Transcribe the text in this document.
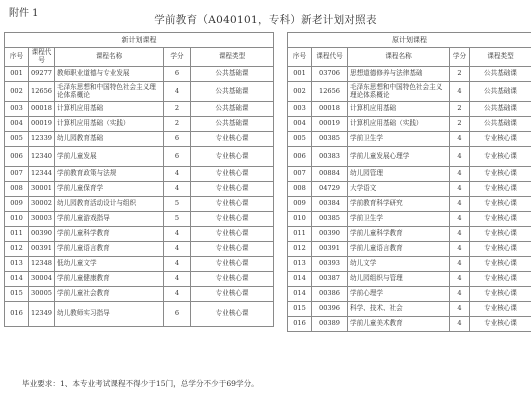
附件 1
学前教育（A040101，专科）新老计划对照表
新计划课程				
序号	课程代号	课程名称	学分	课程类型
001	09277	教师职业道德与专业发展	6	公共基础课
002	12656	毛泽东思想和中国特色社会主义理论体系概论	4	公共基础课
003	00018	计算机应用基础	2	公共基础课
004	00019	计算机应用基础（实践）	2	公共基础课
005	12339	幼儿园教育基础	6	专业核心课
006	12340	学前儿童发展	6	专业核心课
007	12344	学前教育政策与法规	4	专业核心课
008	30001	学前儿童保育学	4	专业核心课
009	30002	幼儿园教育活动设计与组织	5	专业核心课
010	30003	学前儿童游戏指导	5	专业核心课
011	00390	学前儿童科学教育	4	专业核心课
012	00391	学前儿童语言教育	4	专业核心课
013	12348	低幼儿童文学	4	专业核心课
014	30004	学前儿童健康教育	4	专业核心课
015	30005	学前儿童社会教育	4	专业核心课
016	12349	幼儿教师实习指导	6	专业核心课
原计划课程				
序号	课程代号	课程名称	学分	课程类型
001	03706	思想道德修养与法律基础	2	公共基础课
002	12656	毛泽东思想和中国特色社会主义理论体系概论	4	公共基础课
003	00018	计算机应用基础	2	公共基础课
004	00019	计算机应用基础（实践）	2	公共基础课
005	00385	学前卫生学	4	专业核心课
006	00383	学前儿童发展心理学	4	专业核心课
007	00884	幼儿园管理	4	专业核心课
008	04729	大学语文	4	专业核心课
009	00384	学前教育科学研究	4	专业核心课
010	00385	学前卫生学	4	专业核心课
011	00390	学前儿童科学教育	4	专业核心课
012	00391	学前儿童语言教育	4	专业核心课
013	00393	幼儿文学	4	专业核心课
014	00387	幼儿园组织与管理	4	专业核心课
014	00386	学前心理学	4	专业核心课
015	00396	科学、技术、社会	4	专业核心课
016	00389	学前儿童美术教育	4	专业核心课
毕业要求：1、本专业考试课程不得少于15门，总学分不少于69学分。
